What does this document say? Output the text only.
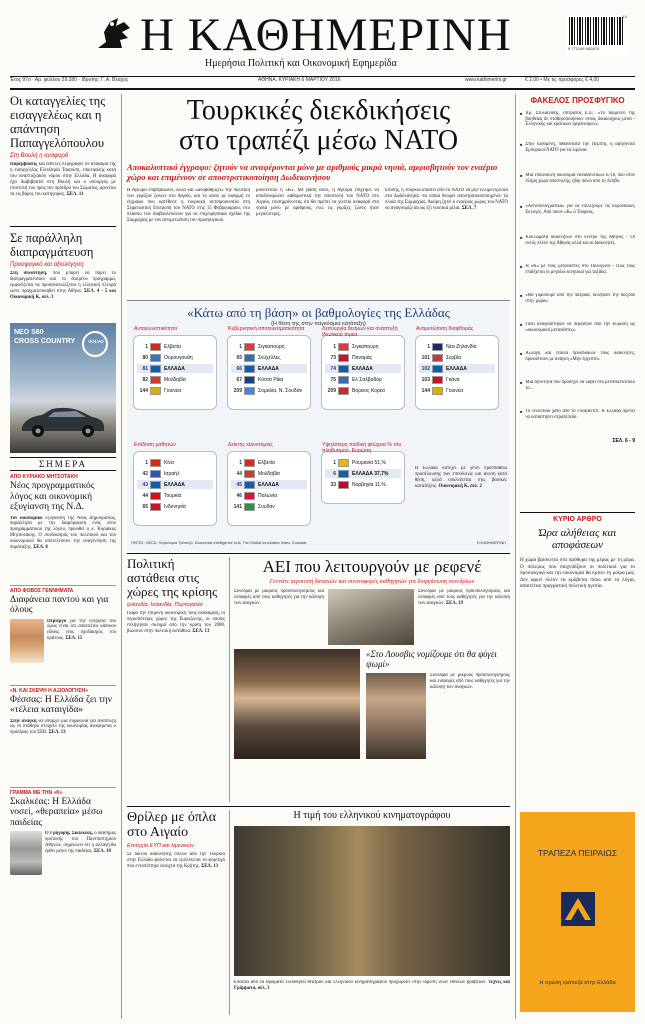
Η ΚΑΘΗΜΕΡΙΝΗ
Ημερήσια Πολιτική και Οικονομική Εφημερίδα
9 771109 662403
10
Έτος 97ο · Αρ. φύλλου 29.280 · Ιδρυτής: Γ. Α. Βλάχος	ΑΘΗΝΑ, ΚΥΡΙΑΚΗ 6 ΜΑΡΤΙΟΥ 2016	www.kathimerini.gr	€ 2,00 • Με τις προσφορές € 4,00
Οι καταγγελίες της εισαγγελέως και η απάντηση Παπαγγελόπουλου
Στη Βουλή η αναφορά
Παρεμβάσεις και απειλές περιγράφει σε αναφορά της η εισαγγελέας Ελευθερία Τσαούση, επικεφαλής κατά του αναπτυξιακού νόμου στην Ελλάδα. Η αναφορά έχει διαβιβαστεί στη Βουλή και ο υπουργός με επιστολή του προς τον πρόεδρο του Σώματος, αρνείται τα εις βάρος του κατηγορίες. ΣΕΛ. 11
Σε παράλληλη διαπραγμάτευση
Προσφυγικό και αξιολόγηση
Στη συνάντηση, που μπορεί να πάρει το διαπραγματευτικό και το δοσμένο πρόγραμμα, εμφανίζεται να προσανατολίζεται η ελληνική πλευρά ώστε πραγματοποιηθεί στην Αθήνα. ΣΕΛ. 4 - 5 και Οικονομική Κ, σελ. 3
NEO S60
CROSS COUNTRY	VOLVO
ΣΗΜΕΡΑ
ΑΠΟ ΚΥΡΙΑΚΟ ΜΗΤΣΟΤΑΚΗ
Νέος προγραμματικός λόγος και οικονομική εξυγίανση της Ν.Δ.
Τον οικονομικό εξυγίανση της Νέας Δημοκρατίας, παράλληλα με την διαμόρφωση ενός νέου προγραμματικού της λόγου, προωθεί ο κ. Κυριάκος Μητσοτάκης. Ο συνδυασμός του πολιτικού και του οικονομικού θα αποτελέσουν την αναγέννηση της παράταξης. ΣΕΛ. 8
ΑΠΟ ΦΟΒΟΣ ΓΕΝΝΗΜΑΤΑ
Διαφάνεια παντού και για όλους
Περίεργο για την ενέργεια του όμως είναι ότι απαιτείται κάποιου είδους νέος σχεδιασμός του κράτους. ΣΕΛ. 15
«Ν. ΚΑΙ ΣΚΕΨΗ Η ΑΞΙΟΛΟΓΗΣΗ»
Φέσσας: Η Ελλάδα ζει την «τέλεια καταιγίδα»
Στην ανάγκη να υπάρξει μια συμφωνία για ανάπτυξη ως το σταθερό στοιχείο της οικονομίας αναφέρεται ο πρόεδρος του ΣΕΒ. ΣΕΛ. 13
ΓΡΑΜΜΑ ΜΕ ΤΗΝ «Κ»
Σκαλκέας: Η Ελλάδα νοσεί, «θεραπεία» μέσω παιδείας
Ο Γρηγόρης Σκαλκέας, ο διάσημος πρύτανης του Πανεπιστημίου Αθηνών, σημειώνει ότι η αλλαγή θα έρθει μέσω της παιδείας. ΣΕΛ. 18
Τουρκικές διεκδικήσεις
στο τραπέζι μέσω ΝΑΤΟ
Αποκαλυπτικό έγγραφο: ζητούν να αναφέρονται μόνο με αριθμούς μικρά νησιά, αμφισβητούν τον εναέριο χώρο και επιμένουν σε αποστρατικοποίηση Δωδεκανήσου
Η Άγκυρα επιβεβαιώνει, αλλά και «αναβαθμίζει» την πολιτική των γκρίζων ζωνών στο Αιγαίο, και το κάνει με αφορμή το έγγραφο που κατέθεσε η τουρκική αντιπροσωπεία στη Στρατιωτική Επιτροπή του ΝΑΤΟ στις 15 Φεβρουαρίου, στο πλαίσιο των διαβουλεύσεων για τα επιχειρησιακά σχέδια της Συμμαχίας με τον αντιμετώπιση του προσφυγικού.
μονοτέτοιο η «Κ». Με βάση αυτό, η Άγκυρα επιχειρεί να αποδυναμώσει καθοριστικά την αποστολή του ΝΑΤΟ στο Αιγαίο, επισημαίνοντας ότι θα πρέπει να γίνεται αναφορά στα νησιά μόνο με αριθμούς, ενώ τις γκρίζες ζώνες ήταν μεγαλύτερες.
Επίσης, η Τουρκία απαιτεί από το ΝΑΤΟ να μην ελλιμενίζονται στα Δωδεκάνησα -τα οποία θεωρεί αποστρατικοποιημένα- τα πλοία της Συμμαχίας. Ακόμη ζητεί ο εναέριος χώρος του ΝΑΤΟ να αναγνωρίζεται ως έξι ναυτικά μίλια. ΣΕΛ. 7
«Κάτω από τη βάση» οι βαθμολογίες της Ελλάδας
(Η θέση της στην παγκόσμια κατάταξη)
Ανταγωνιστικότητα
1	Ελβετία
80	Ουρουγουάη
81	ΕΛΛΑΔΑ
82	Μολδαβία
144	Γουινέα
Κυβερνητική αποτελεσματικότητα
1	Σιγκαπούρη
65	Σεϋχέλλες
66	ΕΛΛΑΔΑ
67	Κόστα Ρίκα
209	Σομαλία, Ν. Σουδάν
Λειτουργία θεσμών και ανάπτυξη ιδιωτικού τομέα
1	Σιγκαπούρη
73	Παναμάς
74	ΕΛΛΑΔΑ
75	Ελ Σαλβαδόρ
209	Βόρειος Κορέα
Αντιμετώπιση διαφθοράς
1	Νέα Ζηλανδία
101	Σερβία
102	ΕΛΛΑΔΑ
103	Γκάνα
144	Γουινέα
Επίδοση μαθητών
1	Κίνα
42	Ισραήλ
43	ΕΛΛΑΔΑ
44	Τουρκία
65	Ινδονησία
Δείκτης καινοτομίας
1	Ελβετία
44	Μολδαβία
45	ΕΛΛΑΔΑ
46	Πολωνία
141	Σουδάν
Υψηλότερη παιδική φτώχεια % του πληθυσμού, Ευρώπη
1	Ρουμανία 51,%
6	ΕΛΛΑΔΑ 37,7%
33	Νορβηγία 11,%
Η Ελλάδα κατέχει με γένει προσπάθεια προσέλκυσης των επενδυτών και άνεση κατά θέση, αλλά υπολείπεται στις βασικές κατατάξεις. Οικονομική Κ, σελ. 2
ΠΗΓΕΣ: OECD, Παγκόσμια Τράπεζα, Economist Intelligence Unit, The Global Innovation Index, Eurostat	Η ΚΑΘΗΜΕΡΙΝΗ
Πολιτική αστάθεια στις χώρες της κρίσης
Ιρλανδία, Ισλανδία, Πορτογαλία
Παρά την επίμονη οικονομική τους ανάκαμψη, οι περισσότερες χώρες της Ευρωζώνης, οι οποίες επλήγησαν σκληρά από την κρίση του 2008, βιώνουν στην πολιτική αστάθεια. ΣΕΛ. 13
ΑΕΙ που λειτουργούν με ρεφενέ
Γεννάτε περικοπή δαπανών και συνεισφορές καθηγητών για διοργάνωση συνεδρίων
Συνέδρια με μικρούς προϋπολογισμούς και εισφορές από τους καθηγητές για την κάλυψη των αναγκών.
Συνέδρια με μικρούς προϋπολογισμούς και εισφορές από τους καθηγητές για την κάλυψη των αναγκών. ΣΕΛ. 19
«Στο Λουσβις νομίζουμε ότι θα φύγει ψωμί»
Συνέδρια με μικρούς προϋπολογισμούς και εισφορές από τους καθηγητές για την κάλυψη των αναγκών.
Θρίλερ με όπλα στο Αιγαίο
Επιτυχία ΕΥΠ και λιμενικών
Σε δίκτυο διακίνησης όπλων από την Τουρκία στην Ελλάδα φαίνεται να εμπλέκεται το φορτηγό που εντοπίστηκε ανοιχτά της Κρήτης. ΣΕΛ. 13
Η τιμή του ελληνικού κινηματογράφου
Επαιτία από τα ιδρύματα ελεύθερου θεάτρου και ελληνικού κινηματογράφου προχωρούν στην ίδρυση νέων εθνικών βραβείων. Τέχνες και Γράμματα, σελ. 3
ΦΑΚΕΛΟΣ ΠΡΟΣΦΥΓΙΚΟ
■ Χρ. Στυλιανίδης, επίτροπος Ε.Ε.: «Το Ιδομένεο της βοηθείας δε σταθεροποιήσουν στους δικαιούχους μέσα - Ελληνικής και κρατικών οργανισμών».
■ Στην Ειδομένη, πιθανότατα την Πέμπτη, η αφήνονται Εμπορικοί ΝΑΤΟ για τα λιμάνια.
■ Μια επικίνδυνη οικονομία εκπαιδευτικών Ε-16, που στον πλήρη χώρο αποστολής, ήδηι πάνω από τη Λέσβο.
■ «Αντισυνταγματικό» για να επιλέξουμε τις Ευρωπαϊκές Εκλογές. Από ποιον «Κ» ο Τουρκος.
■ Κυκλώματα διακινητών στο κέντρο της Αθήνας - Οι εκτός πλέον της Αθηνάς αλλά και οι διακινητές.
■ Η «Κ» με τους μετανάστες στο Πολύγωνο - Πως τους επιδέχεται οι μεγάλοι κινητικοί για ταξίδια.
■ «Θα γυρίσουμε από την πατρίδα, κελέβουν την διέξοδο στην χώρα».
■ Γιατί αναγκάστηκαν να περάσουν από την Ευρώπη ως «οικονομικοί μετανάστες».
■ Αλλαγή και Ιταλία προσδιοκών τους διακινητές, προκύπτουν με ανάγκη «Μην έρχεστε».
■ Μια αγνότητα που προσέχει να λάβει στο μεταναστευτικό το...
■ Το τελευταίο χάτο από το Γκαζιάντεπ. Η Ελλάδα πρέπει να καταστήσει στρατόπεδο.
ΣΕΛ. 6 - 9
ΚΥΡΙΟ ΑΡΘΡΟ
Ώρα αλήθειας και αποφάσεων
Η χώρα βρίσκεται στα πρόθυρα της μέρας με τη μέρα. Ο πόλεμος που παιχνιδίζουν οι πολιτικοί για το προσφυγικό και την οικονομία θα κρίνει τη μοίρα μας. Δεν αρκεί πλέον να κρύβεται πίσω από τα λόγια, απαιτείται πραγματική πολιτική ηγεσία.
ΤΡΑΠΕΖΑ ΠΕΙΡΑΙΩΣ
Η πρώτη τράπεζα στην Ελλάδα
